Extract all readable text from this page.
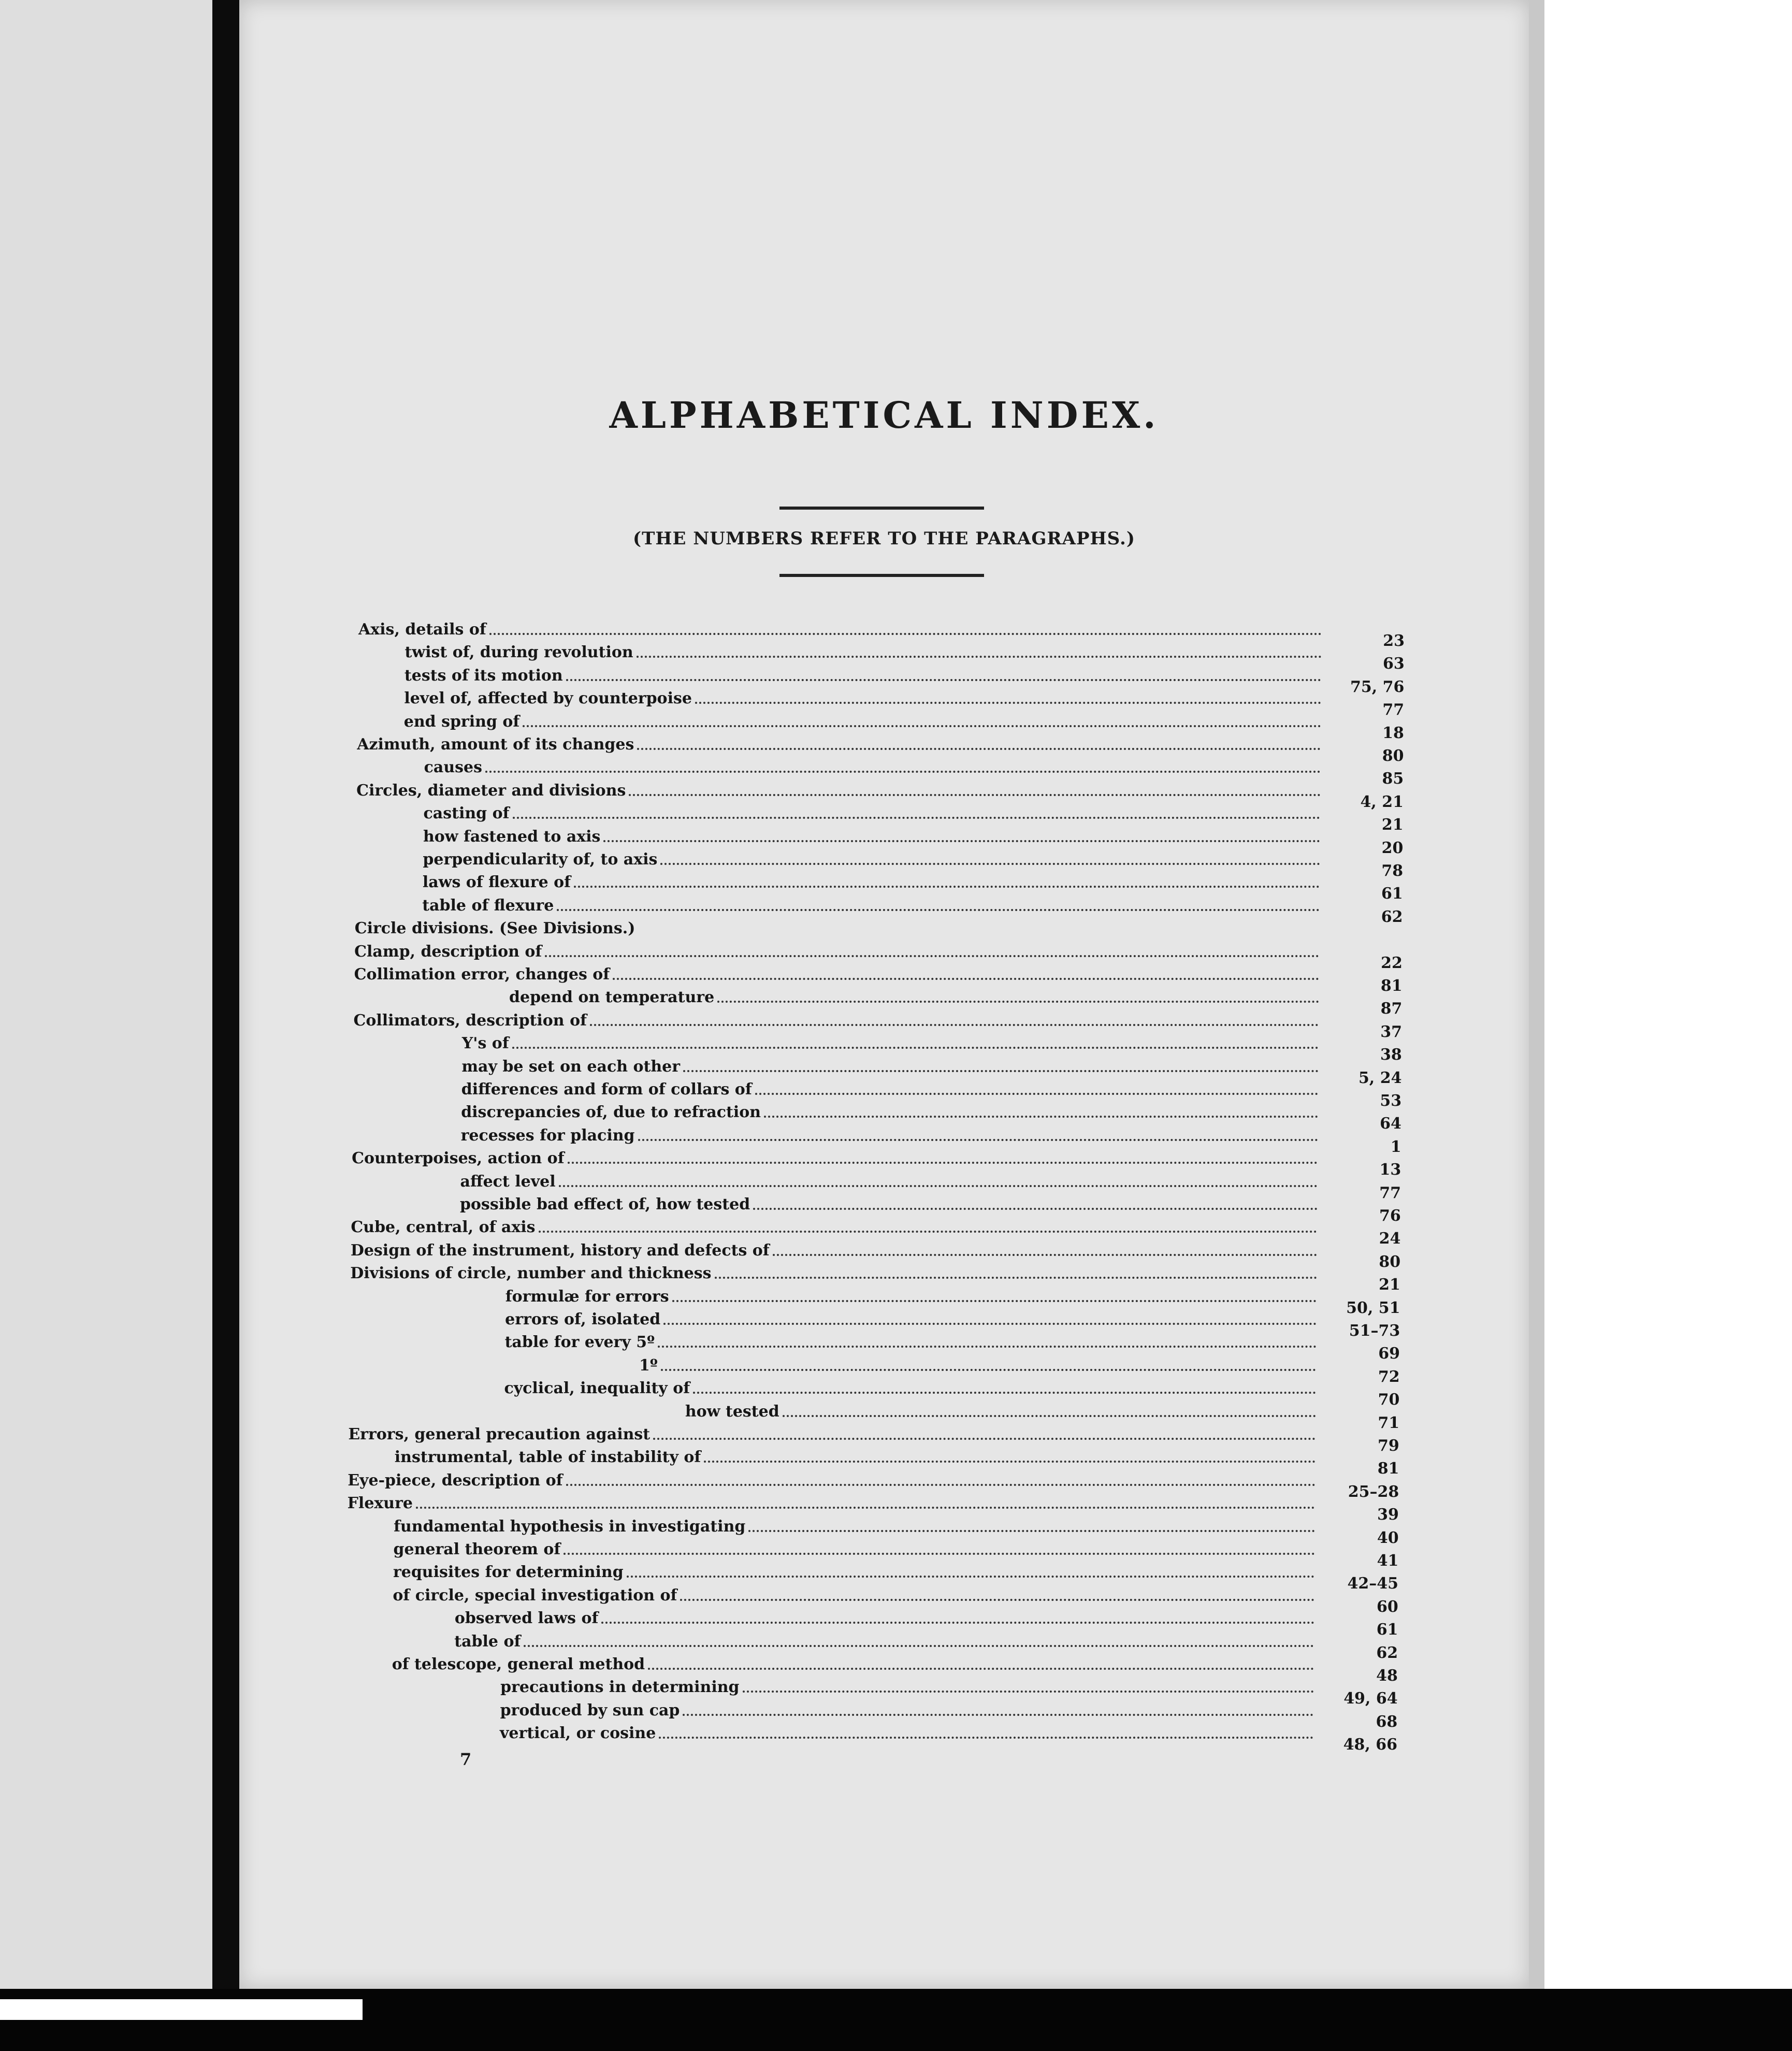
ALPHABETICAL INDEX.
(THE NUMBERS REFER TO THE PARAGRAPHS.)
23
Axis, details of
63
twist of, during revolution
75, 76
tests of its motion
77
level of, affected by counterpoise
18
end spring of
80
Azimuth, amount of its changes
85
causes
4, 21
Circles, diameter and divisions
21
casting of
20
how fastened to axis
78
perpendicularity of, to axis
61
laws of flexure of
62
table of flexure
Circle divisions. (See Divisions.)
22
Clamp, description of
81
Collimation error, changes of
87
depend on temperature
37
Collimators, description of
38
Y's of
5, 24
may be set on each other
53
differences and form of collars of
64
discrepancies of, due to refraction
1
recesses for placing
13
Counterpoises, action of
77
affect level
76
possible bad effect of, how tested
24
Cube, central, of axis
80
Design of the instrument, history and defects of
21
Divisions of circle, number and thickness
50, 51
formulæ for errors
51–73
errors of, isolated
69
table for every 5º
72
1º
70
cyclical, inequality of
71
how tested
79
Errors, general precaution against
81
instrumental, table of instability of
25–28
Eye-piece, description of
39
Flexure
40
fundamental hypothesis in investigating
41
general theorem of
42–45
requisites for determining
60
of circle, special investigation of
61
observed laws of
62
table of
48
of telescope, general method
49, 64
precautions in determining
68
produced by sun cap
48, 66
vertical, or cosine
7
